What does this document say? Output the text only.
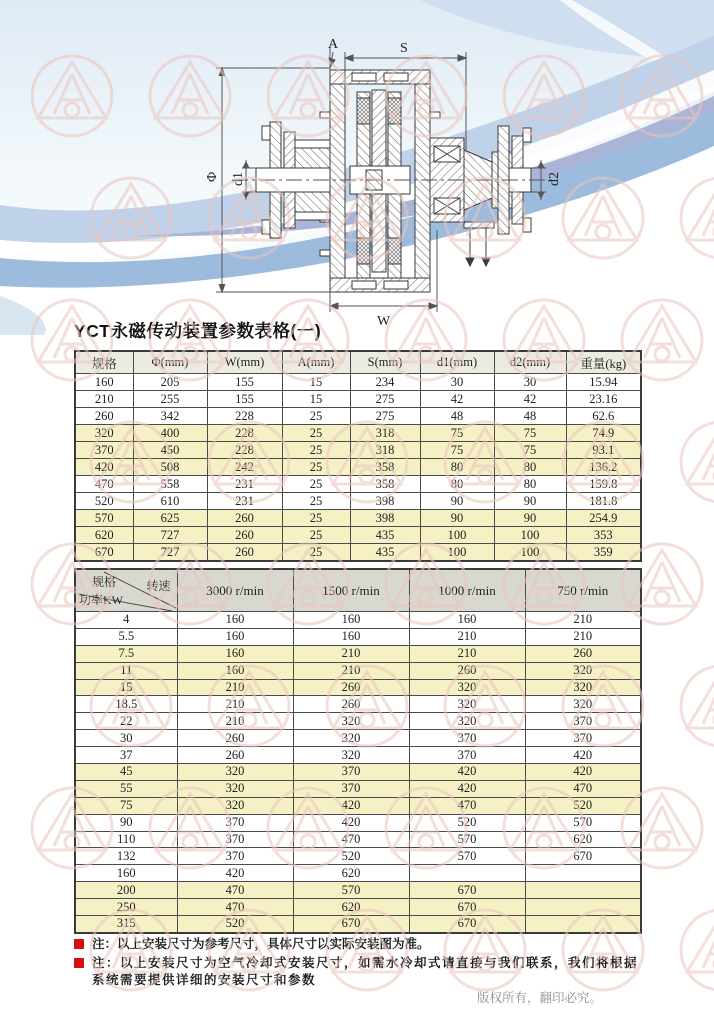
A	S
Φ d1	d2
W
YCT永磁传动装置参数表格(一)
规格	Φ(mm)	W(mm)	A(mm)	S(mm)	d1(mm)	d2(mm)	重量(kg)
160	205	155	15	234	30	30	15.94
210	255	155	15	275	42	42	23.16
260	342	228	25	275	48	48	62.6
320	400	228	25	318	75	75	74.9
370	450	228	25	318	75	75	93.1
420	508	242	25	358	80	80	136.2
470	558	231	25	358	80	80	159.8
520	610	231	25	398	90	90	181.8
570	625	260	25	398	90	90	254.9
620	727	260	25	435	100	100	353
670	727	260	25	435	100	100	359
规格 转速
功率KW	3000 r/min	1500 r/min	1000 r/min	750 r/min
4	160	160	160	210
5.5	160	160	210	210
7.5	160	210	210	260
11	160	210	260	320
15	210	260	320	320
18.5	210	260	320	320
22	210	320	320	370
30	260	320	370	370
37	260	320	370	420
45	320	370	420	420
55	320	370	420	470
75	320	420	470	520
90	370	420	520	570
110	370	470	570	620
132	370	520	570	670
160	420	620		
200	470	570	670	
250	470	620	670	
315	520	670	670	
注：以上安装尺寸为参考尺寸，具体尺寸以实际安装图为准。
注：以上安装尺寸为空气冷却式安装尺寸，如需水冷却式请直接与我们联系，我们将根据系统需要提供详细的安装尺寸和参数
版权所有，翻印必究。
